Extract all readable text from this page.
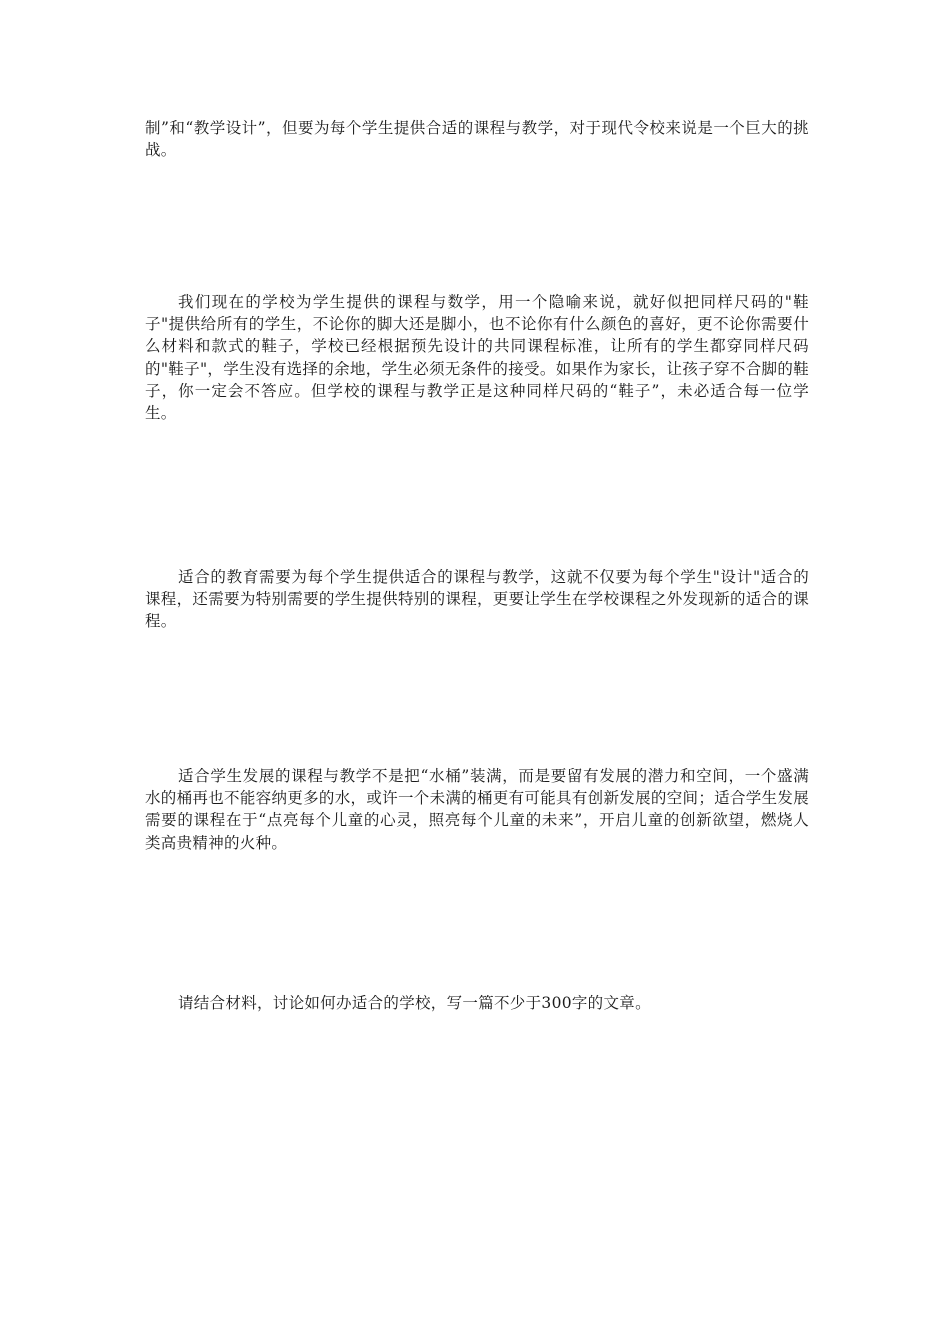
制”和“教学设计”，但要为每个学生提供合适的课程与教学，对于现代令校来说是一个巨大的挑战。

我们现在的学校为学生提供的课程与数学，用一个隐喻来说，就好似把同样尺码的"鞋子"提供给所有的学生，不论你的脚大还是脚小，也不论你有什么颜色的喜好，更不论你需要什么材料和款式的鞋子，学校已经根据预先设计的共同课程标准，让所有的学生都穿同样尺码的"鞋子"，学生没有选择的余地，学生必须无条件的接受。如果作为家长，让孩子穿不合脚的鞋子，你一定会不答应。但学校的课程与教学正是这种同样尺码的“鞋子”，未必适合每一位学生。

适合的教育需要为每个学生提供适合的课程与教学，这就不仅要为每个学生"设计"适合的课程，还需要为特别需要的学生提供特别的课程，更要让学生在学校课程之外发现新的适合的课程。

适合学生发展的课程与教学不是把“水桶”装满，而是要留有发展的潜力和空间，一个盛满水的桶再也不能容纳更多的水，或许一个未满的桶更有可能具有创新发展的空间；适合学生发展需要的课程在于“点亮每个儿童的心灵，照亮每个儿童的未来”，开启儿童的创新欲望，燃烧人类高贵精神的火种。

请结合材料，讨论如何办适合的学校，写一篇不少于300字的文章。
